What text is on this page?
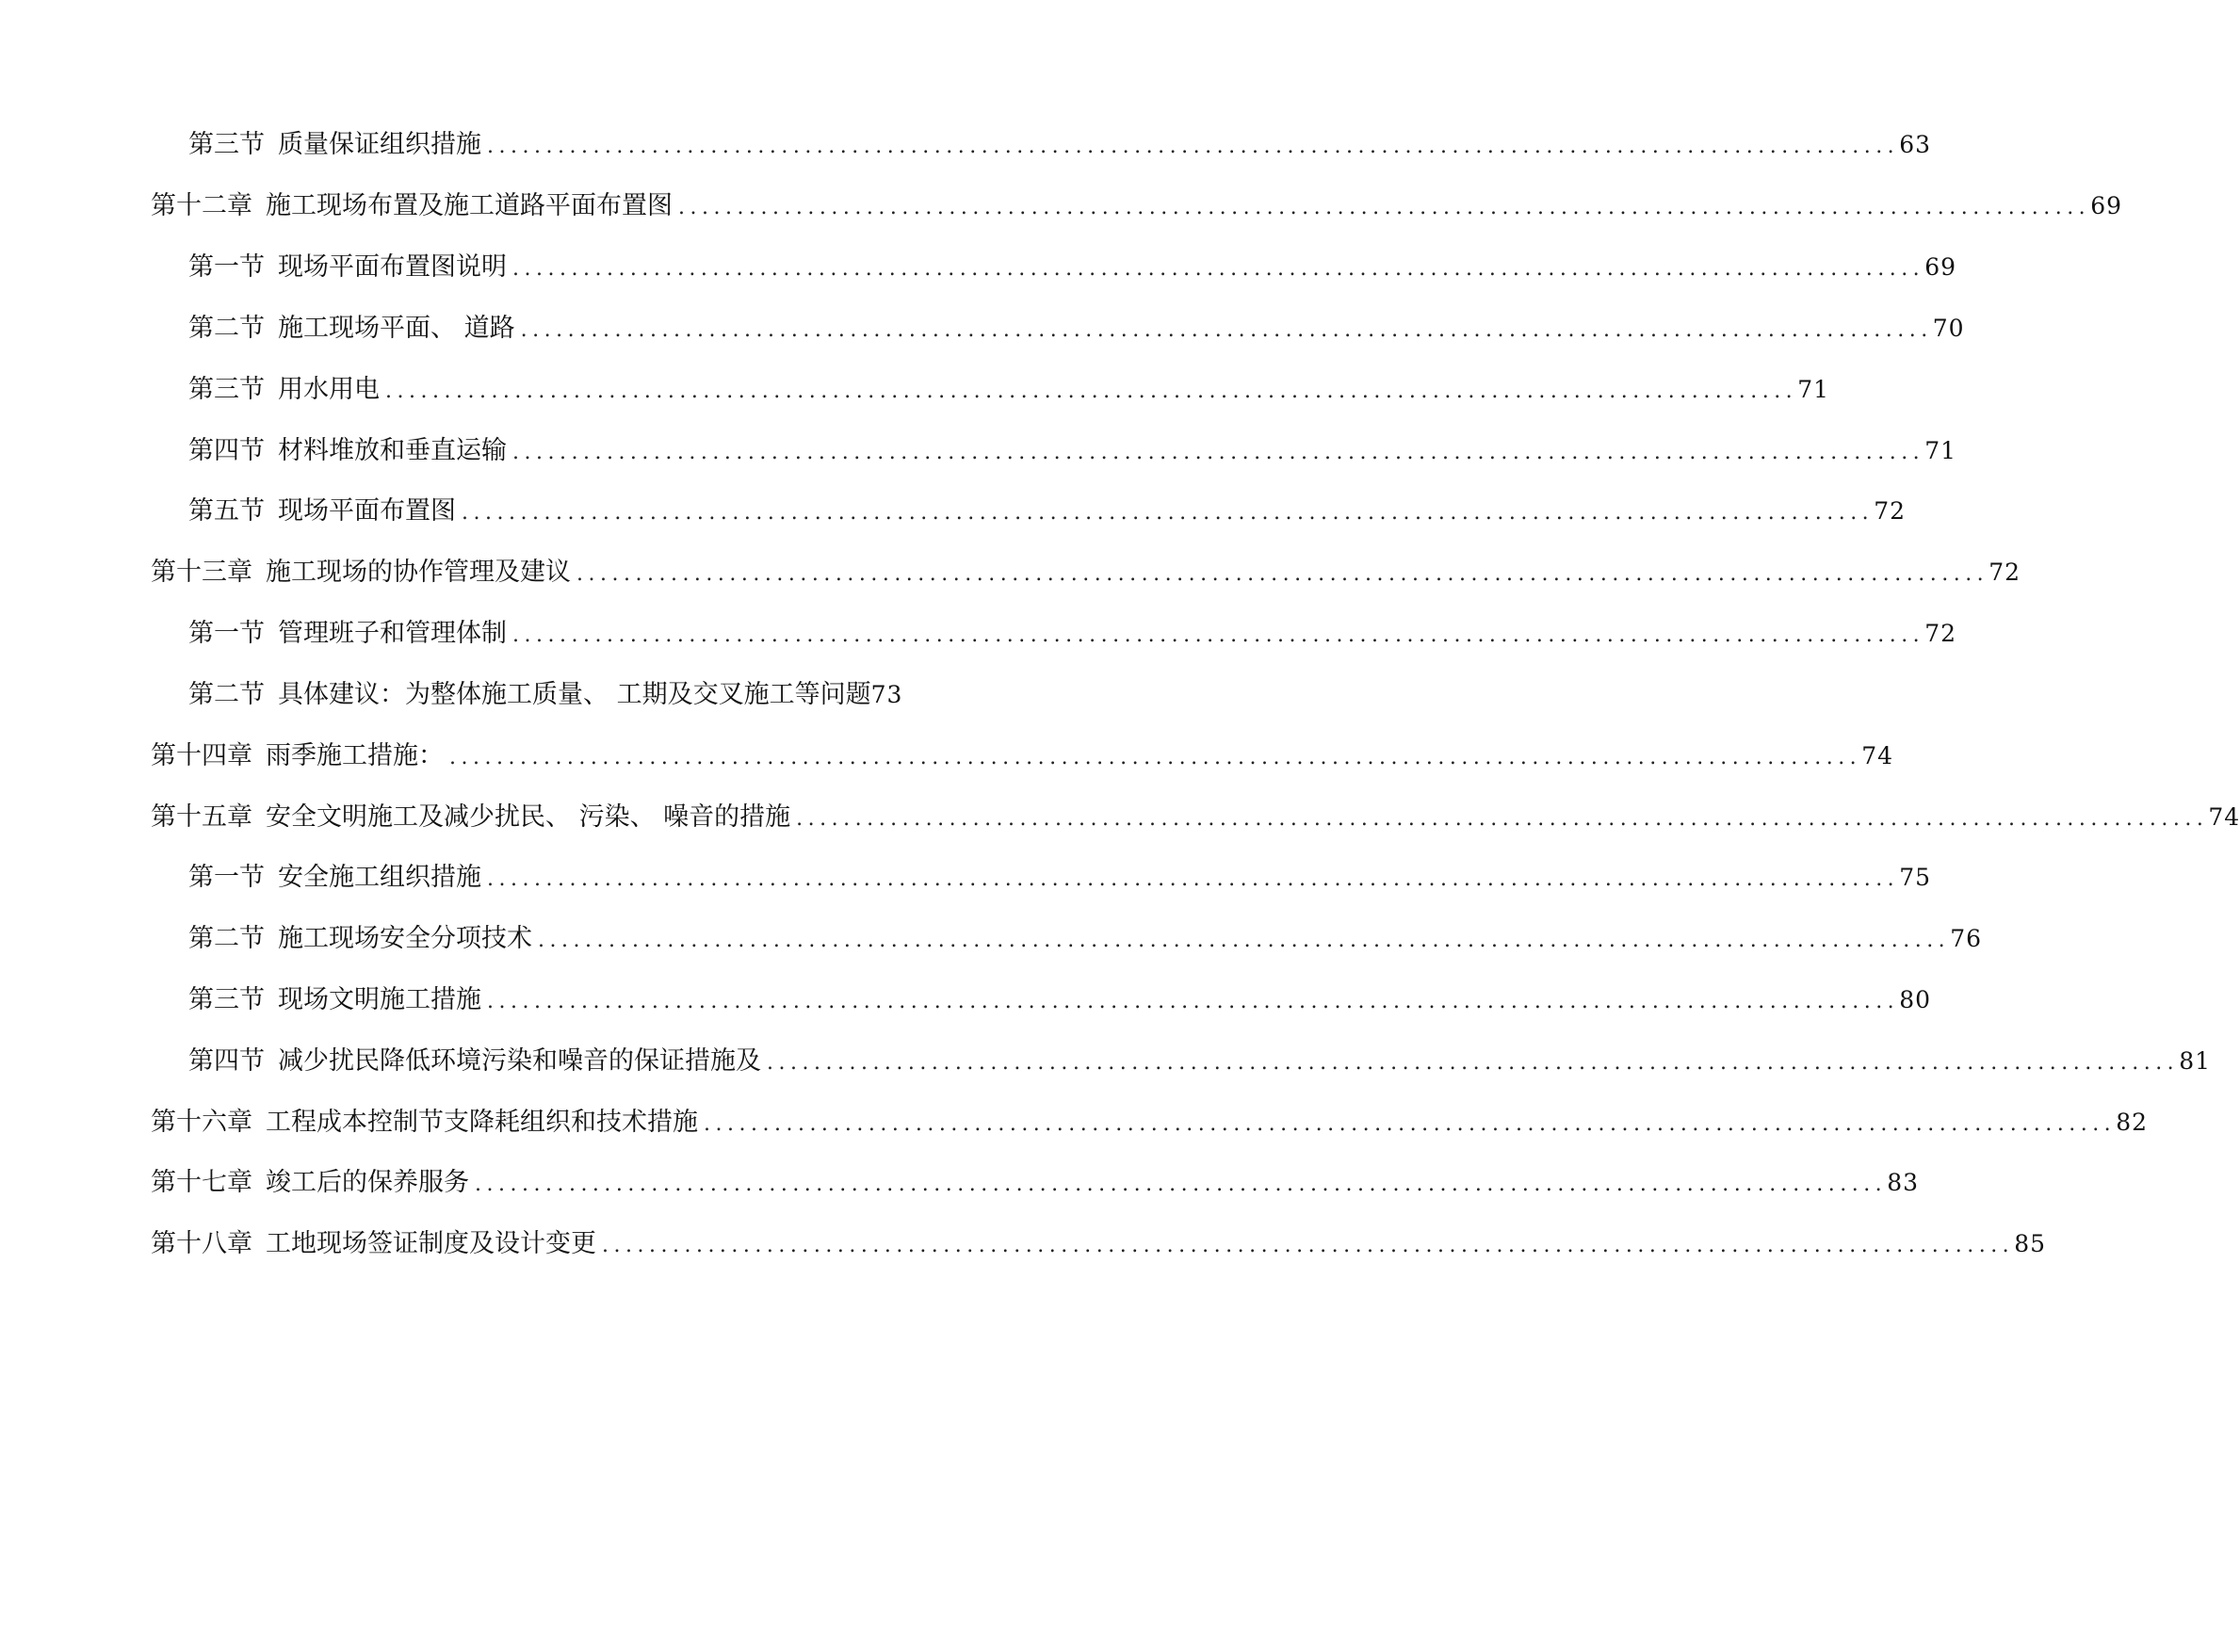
第三节 质量保证组织措施 ........................................................................................................................ 63
第十二章 施工现场布置及施工道路平面布置图 ........................................................................................................................ 69
第一节 现场平面布置图说明 ........................................................................................................................ 69
第二节 施工现场平面、 道路 ........................................................................................................................ 70
第三节 用水用电 ........................................................................................................................ 71
第四节 材料堆放和垂直运输 ........................................................................................................................ 71
第五节 现场平面布置图 ........................................................................................................................ 72
第十三章 施工现场的协作管理及建议 ........................................................................................................................ 72
第一节 管理班子和管理体制 ........................................................................................................................ 72
第二节 具体建议：为整体施工质量、 工期及交叉施工等问题 73
第十四章 雨季施工措施： ........................................................................................................................ 74
第十五章 安全文明施工及减少扰民、 污染、 噪音的措施 ........................................................................................................................ 74
第一节 安全施工组织措施 ........................................................................................................................ 75
第二节 施工现场安全分项技术 ........................................................................................................................ 76
第三节 现场文明施工措施 ........................................................................................................................ 80
第四节 减少扰民降低环境污染和噪音的保证措施及 ........................................................................................................................ 81
第十六章 工程成本控制节支降耗组织和技术措施 ........................................................................................................................ 82
第十七章 竣工后的保养服务 ........................................................................................................................ 83
第十八章 工地现场签证制度及设计变更 ........................................................................................................................ 85
